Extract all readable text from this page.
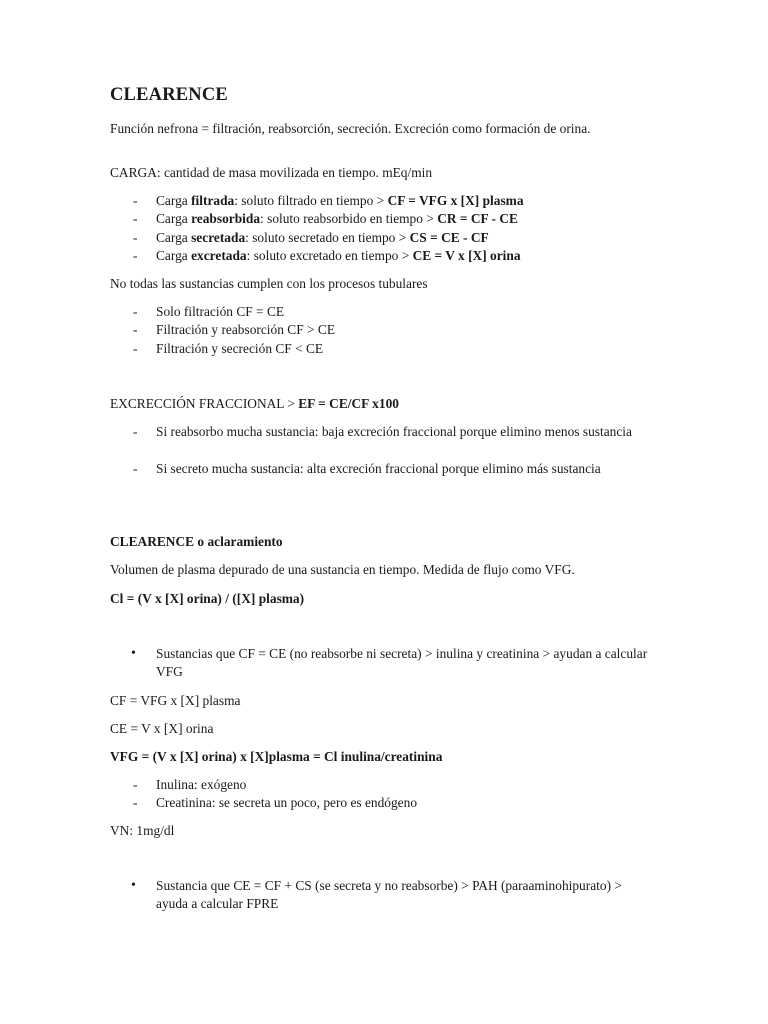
CLEARENCE

Función nefrona = filtración, reabsorción, secreción. Excreción como formación de orina.

CARGA: cantidad de masa movilizada en tiempo. mEq/min

- Carga filtrada: soluto filtrado en tiempo > CF = VFG x [X] plasma

- Carga reabsorbida: soluto reabsorbido en tiempo > CR = CF - CE

- Carga secretada: soluto secretado en tiempo > CS = CE - CF

- Carga excretada: soluto excretado en tiempo > CE = V x [X] orina

No todas las sustancias cumplen con los procesos tubulares

- Solo filtración CF = CE

- Filtración y reabsorción CF > CE

- Filtración y secreción CF < CE

EXCRECCIÓN FRACCIONAL > EF = CE/CF x100

- Si reabsorbo mucha sustancia: baja excreción fraccional porque elimino menos sustancia

- Si secreto mucha sustancia: alta excreción fraccional porque elimino más sustancia

CLEARENCE o aclaramiento

Volumen de plasma depurado de una sustancia en tiempo. Medida de flujo como VFG.

Cl = (V x [X] orina) / ([X] plasma)

• Sustancias que CF = CE (no reabsorbe ni secreta) > inulina y creatinina > ayudan a calcular VFG

CF = VFG x [X] plasma

CE = V x [X] orina

VFG = (V x [X] orina) x [X]plasma = Cl inulina/creatinina

- Inulina: exógeno

- Creatinina: se secreta un poco, pero es endógeno

VN: 1mg/dl

• Sustancia que CE = CF + CS (se secreta y no reabsorbe) > PAH (paraaminohipurato) > ayuda a calcular FPRE
